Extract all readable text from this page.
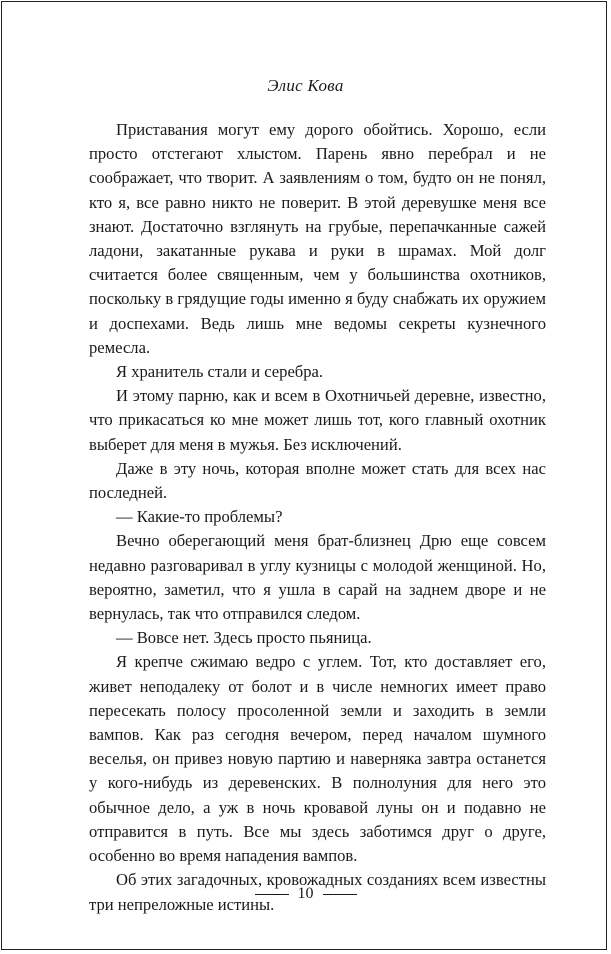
Элис Кова

Приставания могут ему дорого обойтись. Хорошо, если просто отстегают хлыстом. Парень явно перебрал и не соображает, что творит. А заявлениям о том, будто он не понял, кто я, все равно никто не поверит. В этой деревушке меня все знают. Достаточно взглянуть на грубые, перепачканные сажей ладони, закатанные рукава и руки в шрамах. Мой долг считается более священным, чем у большинства охотников, поскольку в грядущие годы именно я буду снабжать их оружием и доспехами. Ведь лишь мне ведомы секреты кузнечного ремесла.

Я хранитель стали и серебра.

И этому парню, как и всем в Охотничьей деревне, известно, что прикасаться ко мне может лишь тот, кого главный охотник выберет для меня в мужья. Без исключений.

Даже в эту ночь, которая вполне может стать для всех нас последней.

— Какие-то проблемы?

Вечно оберегающий меня брат-близнец Дрю еще совсем недавно разговаривал в углу кузницы с молодой женщиной. Но, вероятно, заметил, что я ушла в сарай на заднем дворе и не вернулась, так что отправился следом.

— Вовсе нет. Здесь просто пьяница.

Я крепче сжимаю ведро с углем. Тот, кто доставляет его, живет неподалеку от болот и в числе немногих имеет право пересекать полосу просоленной земли и заходить в земли вампов. Как раз сегодня вечером, перед началом шумного веселья, он привез новую партию и наверняка завтра останется у кого-нибудь из деревенских. В полнолуния для него это обычное дело, а уж в ночь кровавой луны он и подавно не отправится в путь. Все мы здесь заботимся друг о друге, особенно во время нападения вампов.

Об этих загадочных, кровожадных созданиях всем известны три непреложные истины.

10
